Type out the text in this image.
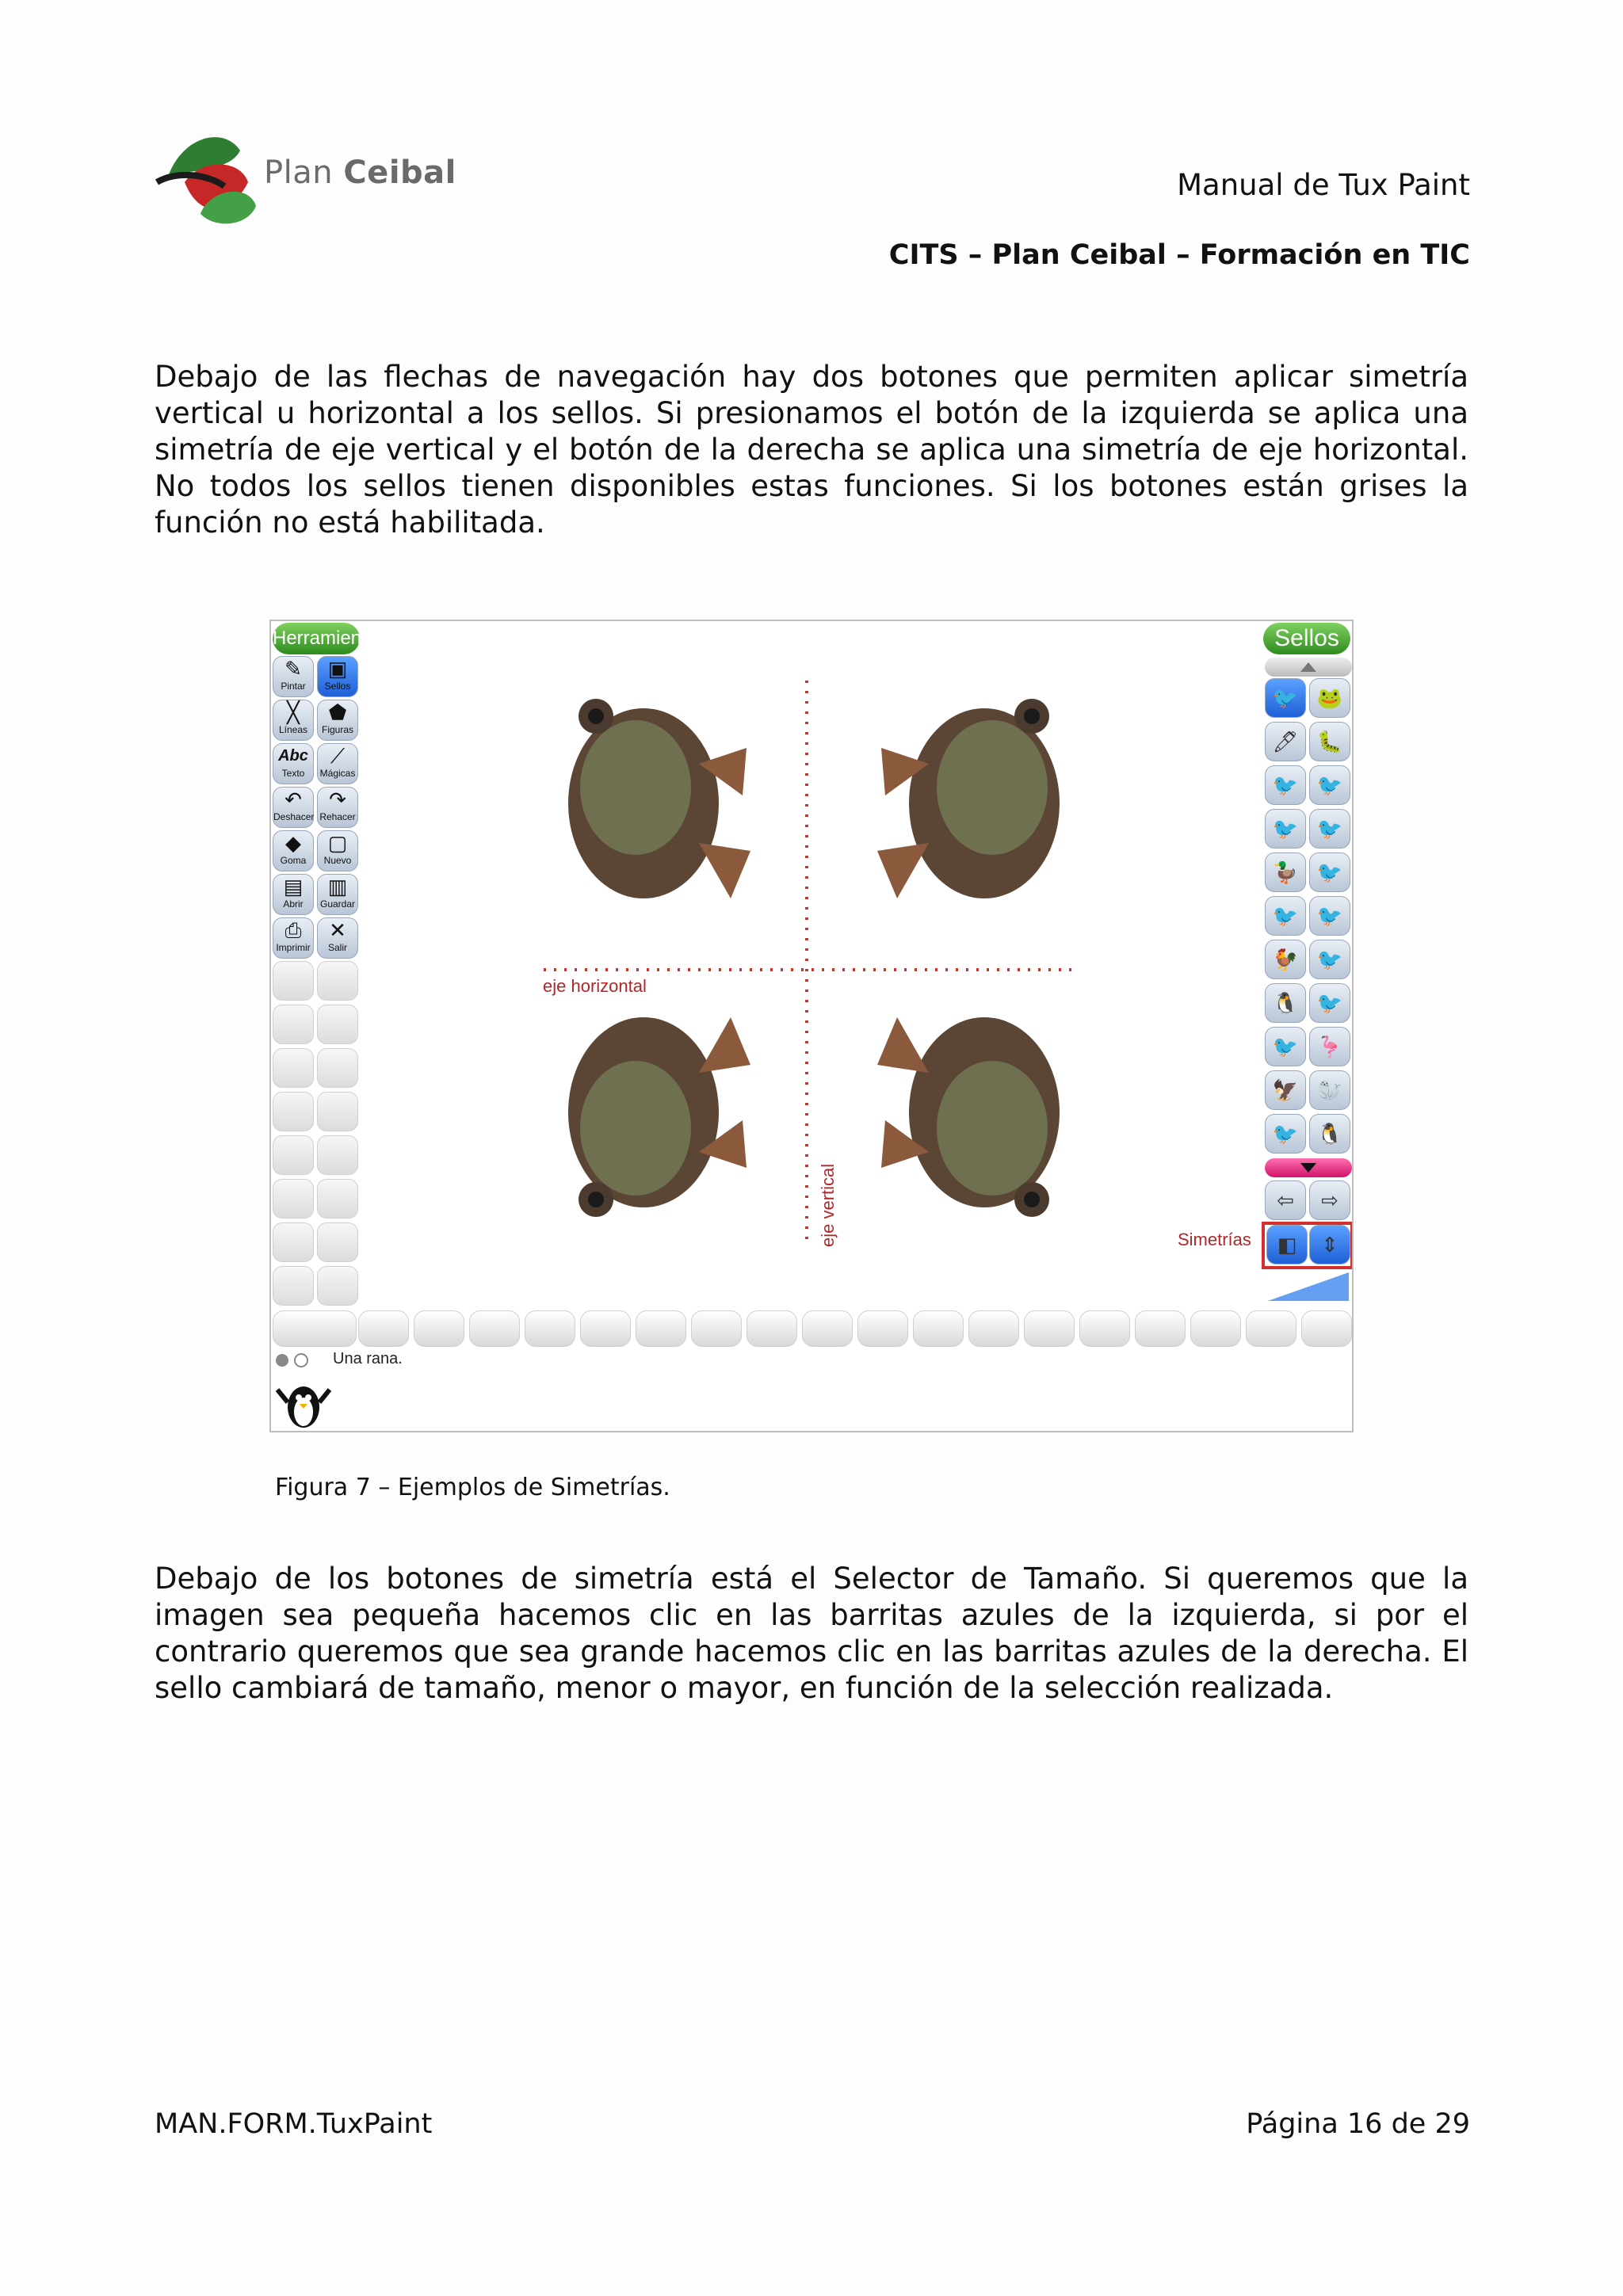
Plan Ceibal	Manual de Tux Paint
CITS – Plan Ceibal – Formación en TIC
Debajo de las flechas de navegación hay dos botones que permiten aplicar simetría vertical u horizontal a los sellos. Si presionamos el botón de la izquierda se aplica una simetría de eje vertical y el botón de la derecha se aplica una simetría de eje horizontal. No todos los sellos tienen disponibles estas funciones. Si los botones están grises la función no está habilitada.
Herramientas	Sellos
✎
Pintar
▣
Sellos
╳
Líneas
⬟
Figuras
Abc
Texto
⟋
Mágicas
↶
Deshacer
↷
Rehacer
◆
Goma
▢
Nuevo
▤
Abrir
▥
Guardar
⎙
Imprimir
✕
Salir
🐦 🐸
🖊 🐛
🐦 🐦
🐦 🐦
🦆 🐦
🐦 🐦
🐓 🐦
🐧 🐦
🐦 🦩
🦅 🦭
🐦 🐧
eje horizontal
eje vertical	Simetrías
⇦	⇨
◧	⇕
Una rana.
Figura 7 – Ejemplos de Simetrías.
Debajo de los botones de simetría está el Selector de Tamaño. Si queremos que la imagen sea pequeña hacemos clic en las barritas azules de la izquierda, si por el contrario queremos que sea grande hacemos clic en las barritas azules de la derecha. El sello cambiará de tamaño, menor o mayor, en función de la selección realizada.
MAN.FORM.TuxPaint	Página 16 de 29
